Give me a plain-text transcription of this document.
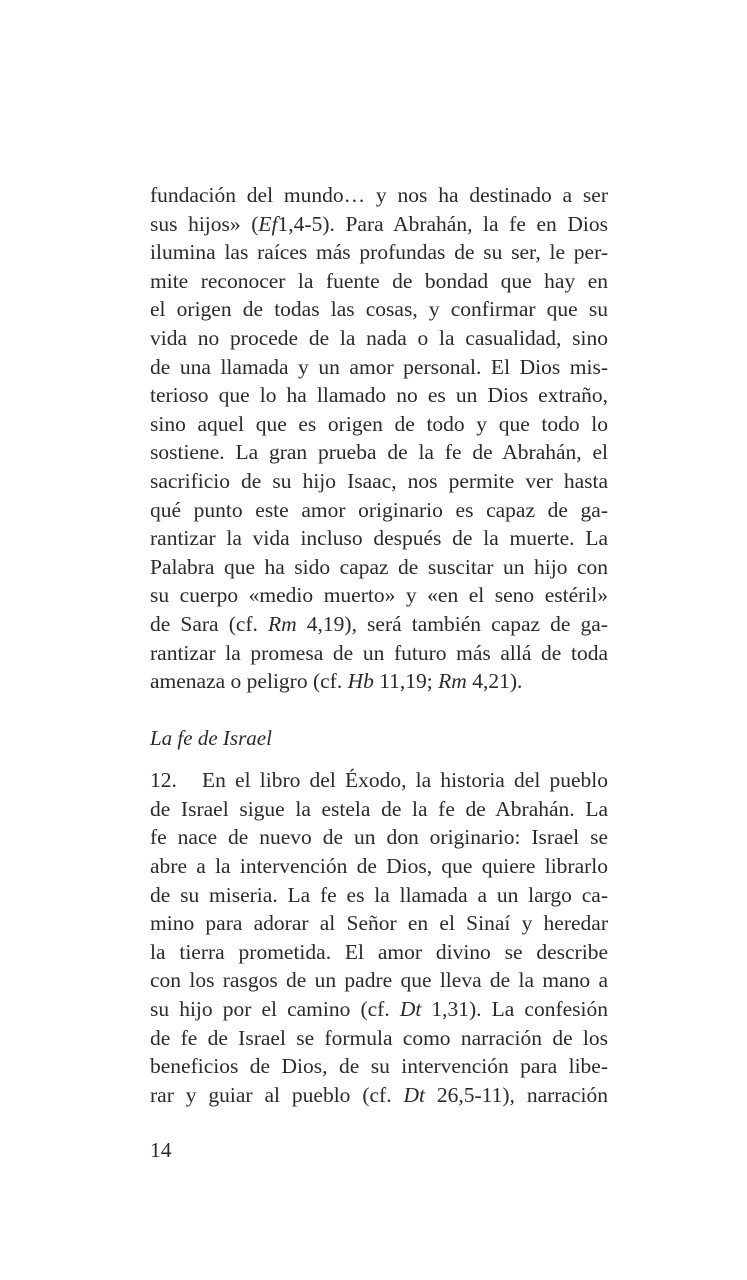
fundación del mundo… y nos ha destinado a ser
sus hijos» (Ef1,4-5). Para Abrahán, la fe en Dios
ilumina las raíces más profundas de su ser, le per-
mite reconocer la fuente de bondad que hay en
el origen de todas las cosas, y confirmar que su
vida no procede de la nada o la casualidad, sino
de una llamada y un amor personal. El Dios mis-
terioso que lo ha llamado no es un Dios extraño,
sino aquel que es origen de todo y que todo lo
sostiene. La gran prueba de la fe de Abrahán, el
sacrificio de su hijo Isaac, nos permite ver hasta
qué punto este amor originario es capaz de ga-
rantizar la vida incluso después de la muerte. La
Palabra que ha sido capaz de suscitar un hijo con
su cuerpo «medio muerto» y «en el seno estéril»
de Sara (cf. Rm 4,19), será también capaz de ga-
rantizar la promesa de un futuro más allá de toda
amenaza o peligro (cf. Hb 11,19; Rm 4,21).

La fe de Israel

12. En el libro del Éxodo, la historia del pueblo
de Israel sigue la estela de la fe de Abrahán. La
fe nace de nuevo de un don originario: Israel se
abre a la intervención de Dios, que quiere librarlo
de su miseria. La fe es la llamada a un largo ca-
mino para adorar al Señor en el Sinaí y heredar
la tierra prometida. El amor divino se describe
con los rasgos de un padre que lleva de la mano a
su hijo por el camino (cf. Dt 1,31). La confesión
de fe de Israel se formula como narración de los
beneficios de Dios, de su intervención para libe-
rar y guiar al pueblo (cf. Dt 26,5-11), narración

14
